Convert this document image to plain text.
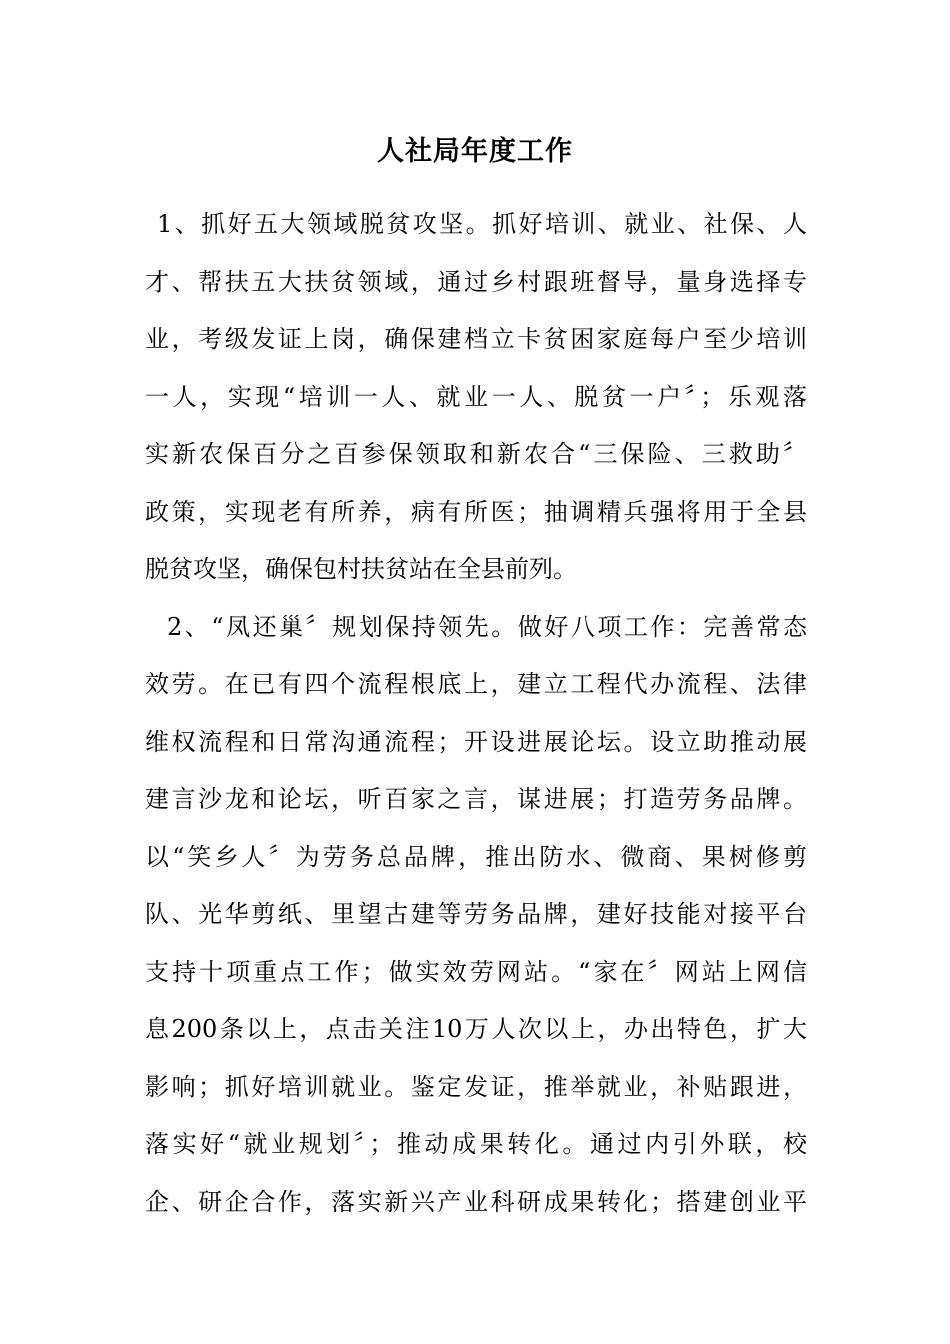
人社局年度工作
1、抓好五大领域脱贫攻坚。抓好培训、就业、社保、人
才、帮扶五大扶贫领域，通过乡村跟班督导，量身选择专
业，考级发证上岗，确保建档立卡贫困家庭每户至少培训
一人，实现“培训一人、就业一人、脱贫一户〞；乐观落
实新农保百分之百参保领取和新农合“三保险、三救助〞
政策，实现老有所养，病有所医；抽调精兵强将用于全县
脱贫攻坚，确保包村扶贫站在全县前列。
2、“凤还巢〞规划保持领先。做好八项工作：完善常态
效劳。在已有四个流程根底上，建立工程代办流程、法律
维权流程和日常沟通流程；开设进展论坛。设立助推动展
建言沙龙和论坛，听百家之言，谋进展；打造劳务品牌。
以“笑乡人〞为劳务总品牌，推出防水、微商、果树修剪
队、光华剪纸、里望古建等劳务品牌，建好技能对接平台
支持十项重点工作；做实效劳网站。“家在〞网站上网信
息200条以上，点击关注10万人次以上，办出特色，扩大
影响；抓好培训就业。鉴定发证，推举就业，补贴跟进，
落实好“就业规划〞；推动成果转化。通过内引外联，校
企、研企合作，落实新兴产业科研成果转化；搭建创业平
